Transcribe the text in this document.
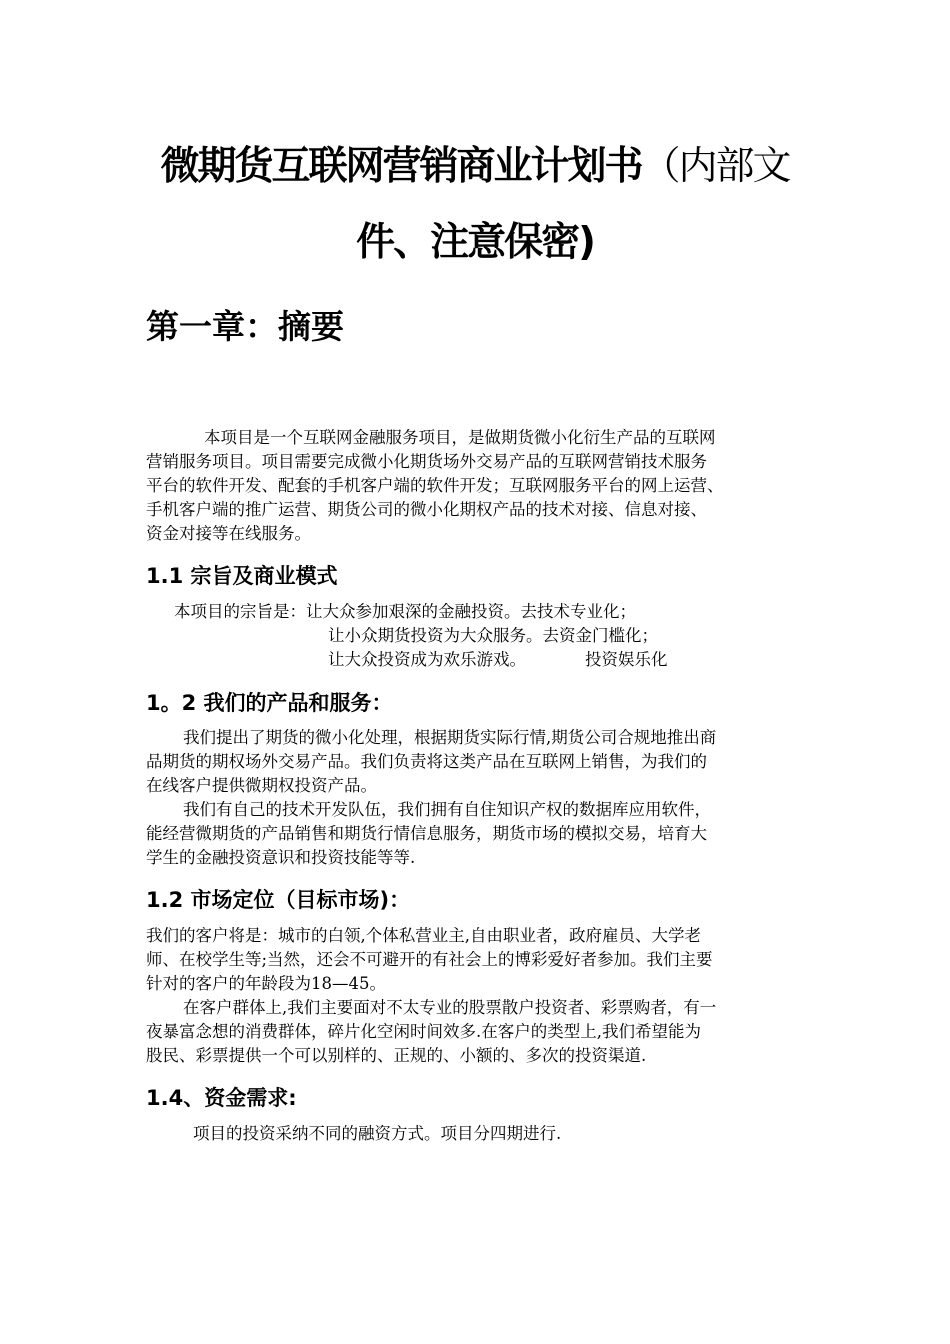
微期货互联网营销商业计划书（内部文
件、注意保密)
第一章：摘要
本项目是一个互联网金融服务项目，是做期货微小化衍生产品的互联网
营销服务项目。项目需要完成微小化期货场外交易产品的互联网营销技术服务
平台的软件开发、配套的手机客户端的软件开发；互联网服务平台的网上运营、
手机客户端的推广运营、期货公司的微小化期权产品的技术对接、信息对接、
资金对接等在线服务。
1.1 宗旨及商业模式
本项目的宗旨是：让大众参加艰深的金融投资。去技术专业化；
让小众期货投资为大众服务。去资金门槛化；
让大众投资成为欢乐游戏。	投资娱乐化
1。2 我们的产品和服务：
我们提出了期货的微小化处理，根据期货实际行情,期货公司合规地推出商
品期货的期权场外交易产品。我们负责将这类产品在互联网上销售，为我们的
在线客户提供微期权投资产品。
我们有自己的技术开发队伍，我们拥有自住知识产权的数据库应用软件，
能经营微期货的产品销售和期货行情信息服务，期货市场的模拟交易，培育大
学生的金融投资意识和投资技能等等.
1.2 市场定位（目标市场)：
我们的客户将是：城市的白领,个体私营业主,自由职业者，政府雇员、大学老
师、在校学生等;当然，还会不可避开的有社会上的博彩爱好者参加。我们主要
针对的客户的年龄段为18—45。
在客户群体上,我们主要面对不太专业的股票散户投资者、彩票购者，有一
夜暴富念想的消费群体，碎片化空闲时间效多.在客户的类型上,我们希望能为
股民、彩票提供一个可以别样的、正规的、小额的、多次的投资渠道.
1.4、资金需求:
项目的投资采纳不同的融资方式。项目分四期进行.
